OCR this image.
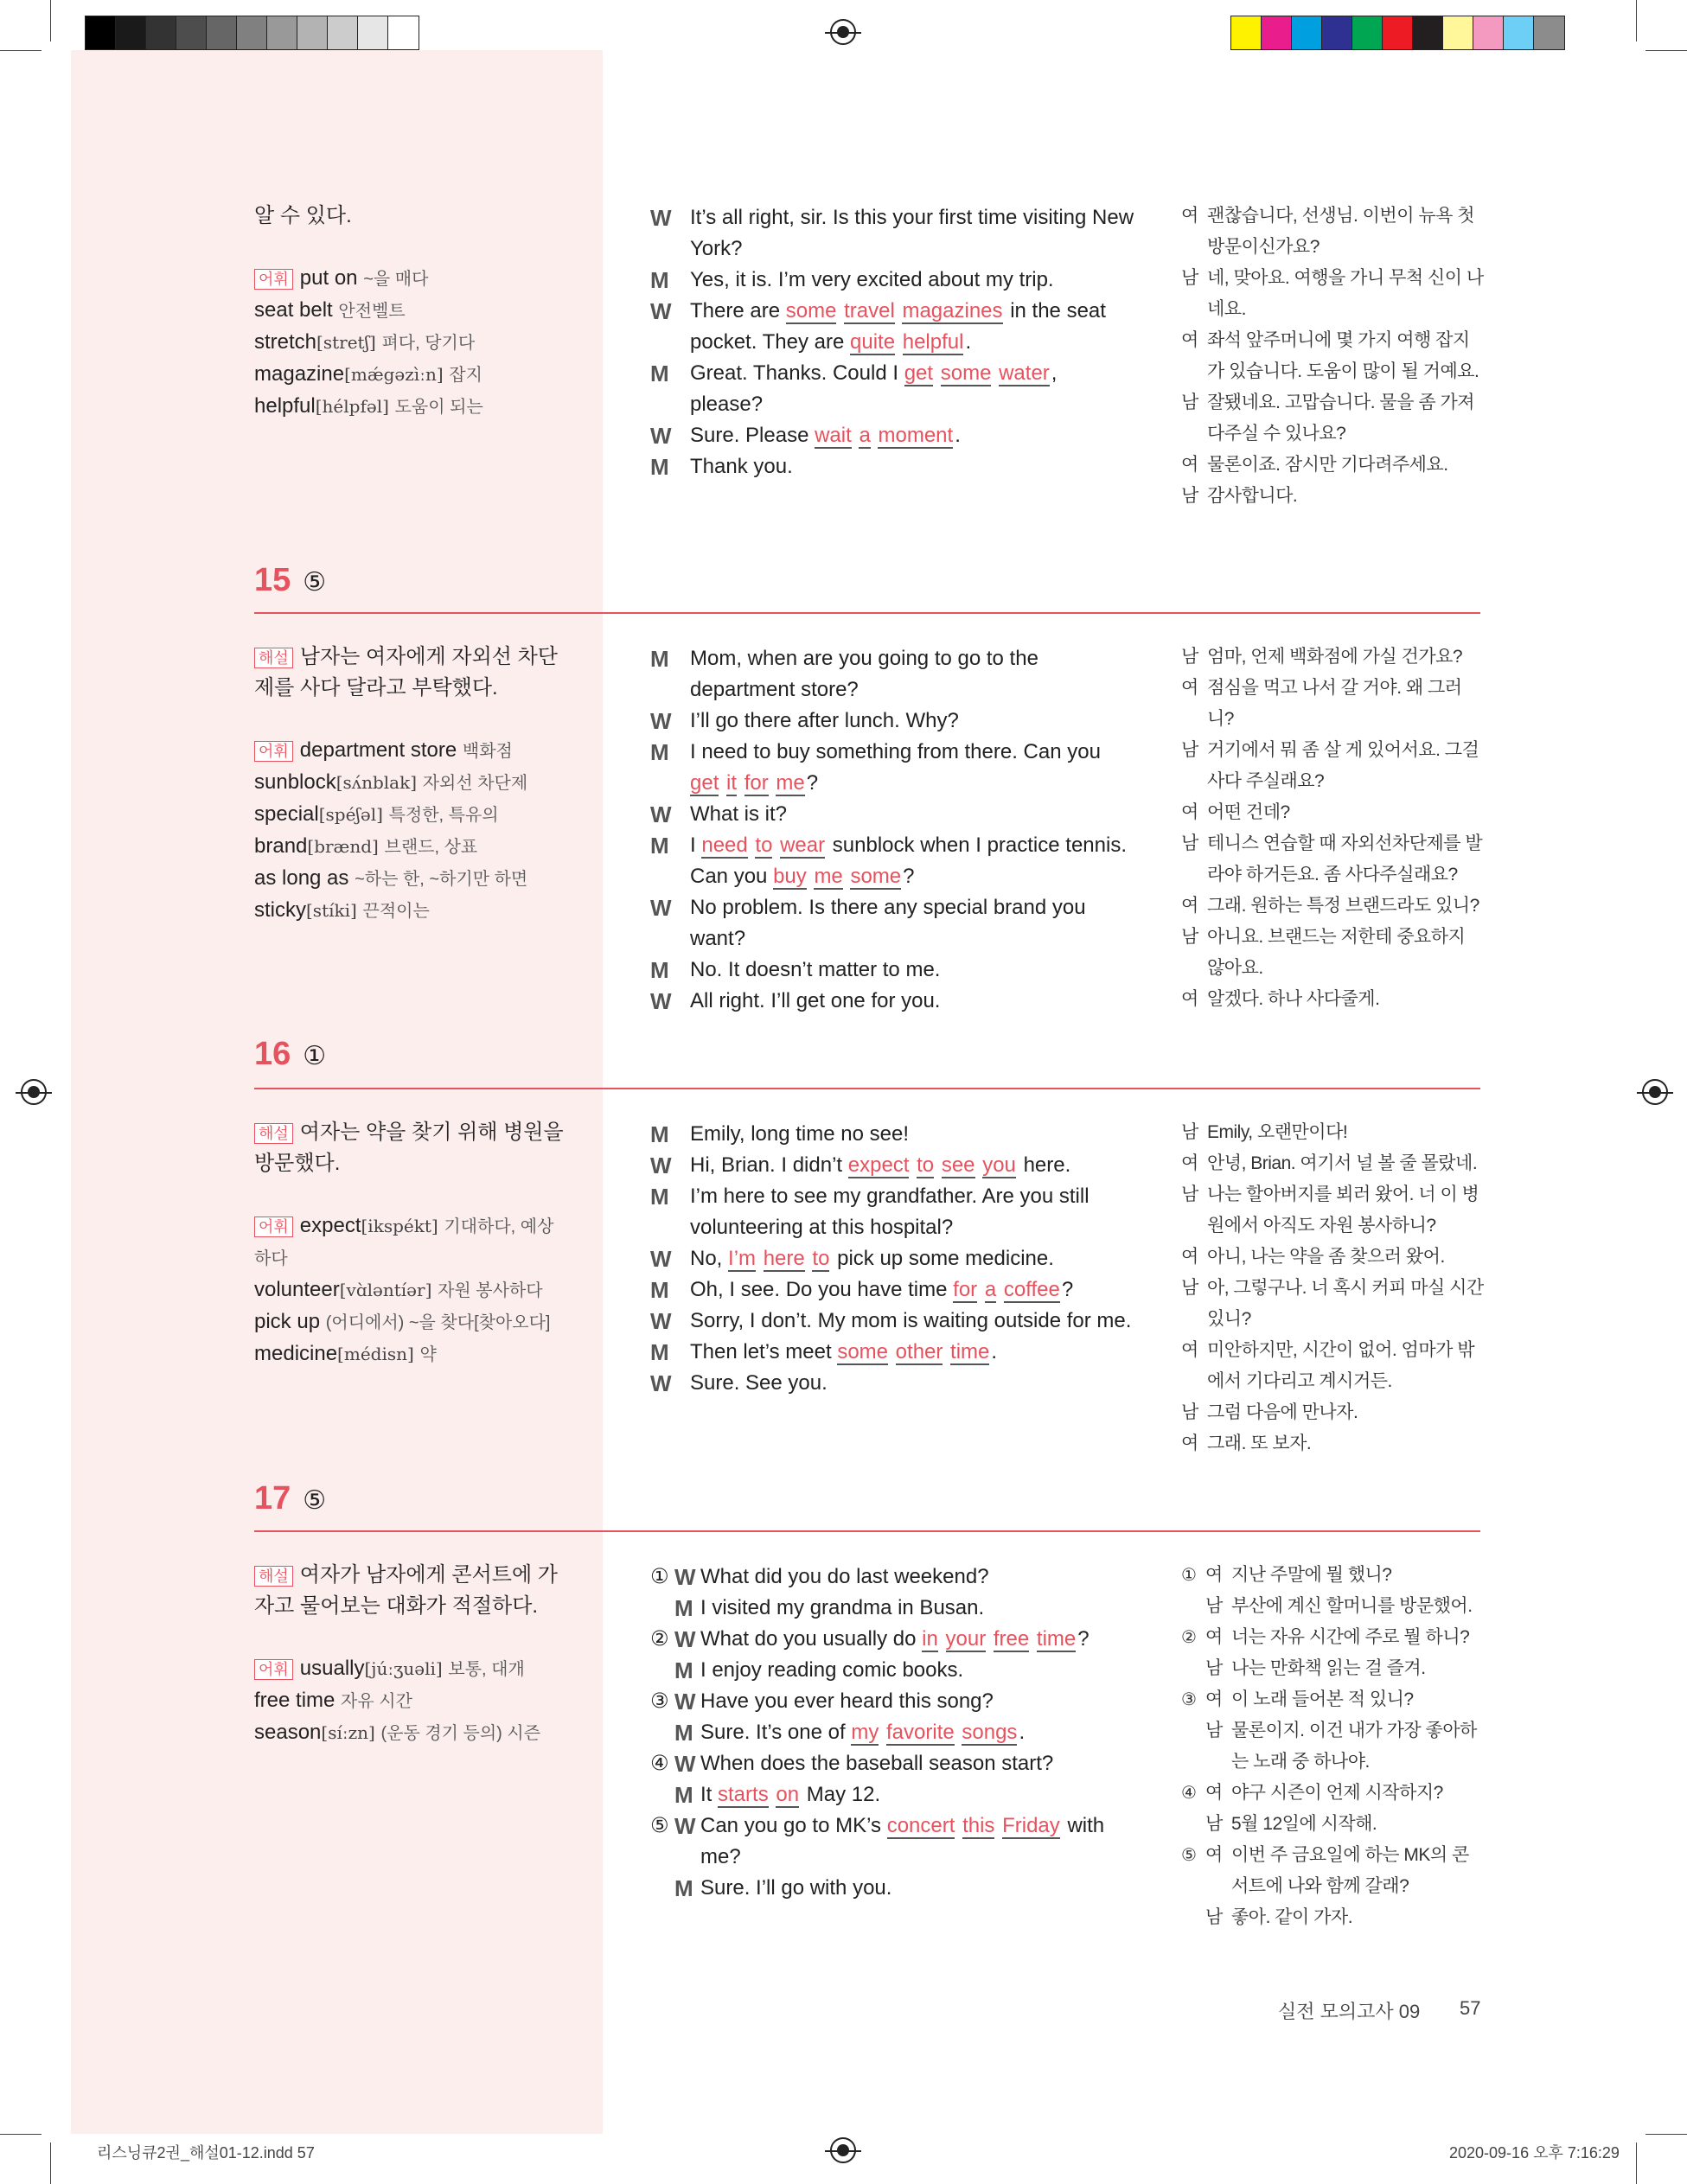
알 수 있다.
어휘 put on ~을 매다
seat belt 안전벨트
stretch[stretʃ] 펴다, 당기다
magazine[mǽgəzìːn] 잡지
helpful[hélpfəl] 도움이 되는
W It’s all right, sir. Is this your first time visiting New York?
M	Yes, it is. I’m very excited about my trip.
W There are some travel magazines in the seat pocket. They are quite helpful.
M	Great. Thanks. Could I get some water, please?
W Sure. Please wait a moment.
M	Thank you.
여 괜찮습니다, 선생님. 이번이 뉴욕 첫 방문이신가요?
남 네, 맞아요. 여행을 가니 무척 신이 나네요.
여 좌석 앞주머니에 몇 가지 여행 잡지가 있습니다. 도움이 많이 될 거예요.
남 잘됐네요. 고맙습니다. 물을 좀 가져다주실 수 있나요?
여 물론이죠. 잠시만 기다려주세요.
남 감사합니다.
15 ⑤
해설 남자는 여자에게 자외선 차단제를 사다 달라고 부탁했다.
어휘 department store 백화점
sunblock[sʌ́nblak] 자외선 차단제
special[spéʃəl] 특정한, 특유의
brand[brænd] 브랜드, 상표
as long as ~하는 한, ~하기만 하면
sticky[stíki] 끈적이는
M	Mom, when are you going to go to the department store?
W I’ll go there after lunch. Why?
M	I need to buy something from there. Can you get it for me?
W What is it?
M	I need to wear sunblock when I practice tennis. Can you buy me some?
W No problem. Is there any special brand you want?
M	No. It doesn’t matter to me.
W All right. I’ll get one for you.
남 엄마, 언제 백화점에 가실 건가요?
여 점심을 먹고 나서 갈 거야. 왜 그러니?
남 거기에서 뭐 좀 살 게 있어서요. 그걸 사다 주실래요?
여 어떤 건데?
남 테니스 연습할 때 자외선차단제를 발라야 하거든요. 좀 사다주실래요?
여 그래. 원하는 특정 브랜드라도 있니?
남 아니요. 브랜드는 저한테 중요하지 않아요.
여 알겠다. 하나 사다줄게.
16 ①
해설 여자는 약을 찾기 위해 병원을 방문했다.
어휘 expect[ikspékt] 기대하다, 예상하다
volunteer[vɑ̀ləntíər] 자원 봉사하다
pick up (어디에서) ~을 찾다[찾아오다]
medicine[médisn] 약
M	Emily, long time no see!
W Hi, Brian. I didn’t expect to see you here.
M	I’m here to see my grandfather. Are you still volunteering at this hospital?
W No, I’m here to pick up some medicine.
M	Oh, I see. Do you have time for a coffee?
W Sorry, I don’t. My mom is waiting outside for me.
M	Then let’s meet some other time.
W Sure. See you.
남 Emily, 오랜만이다!
여 안녕, Brian. 여기서 널 볼 줄 몰랐네.
남 나는 할아버지를 뵈러 왔어. 너 이 병원에서 아직도 자원 봉사하니?
여 아니, 나는 약을 좀 찾으러 왔어.
남 아, 그렇구나. 너 혹시 커피 마실 시간 있니?
여 미안하지만, 시간이 없어. 엄마가 밖에서 기다리고 계시거든.
남 그럼 다음에 만나자.
여 그래. 또 보자.
17 ⑤
해설 여자가 남자에게 콘서트에 가자고 물어보는 대화가 적절하다.
어휘 usually[júːʒuəli] 보통, 대개
free time 자유 시간
season[síːzn] (운동 경기 등의) 시즌
① W What did you do last weekend?
M I visited my grandma in Busan.
② W What do you usually do in your free time?
M I enjoy reading comic books.
③ W Have you ever heard this song?
M Sure. It’s one of my favorite songs.
④ W When does the baseball season start?
M It starts on May 12.
⑤ W Can you go to MK’s concert this Friday with me?
M Sure. I’ll go with you.
① 여 지난 주말에 뭘 했니?
남 부산에 계신 할머니를 방문했어.
② 여 너는 자유 시간에 주로 뭘 하니?
남 나는 만화책 읽는 걸 즐겨.
③ 여 이 노래 들어본 적 있니?
남 물론이지. 이건 내가 가장 좋아하는 노래 중 하나야.
④ 여 야구 시즌이 언제 시작하지?
남 5월 12일에 시작해.
⑤ 여 이번 주 금요일에 하는 MK의 콘서트에 나와 함께 갈래?
남 좋아. 같이 가자.
실전 모의고사 09 57
리스닝큐2권_해설01-12.indd 57	2020-09-16 오후 7:16:29
